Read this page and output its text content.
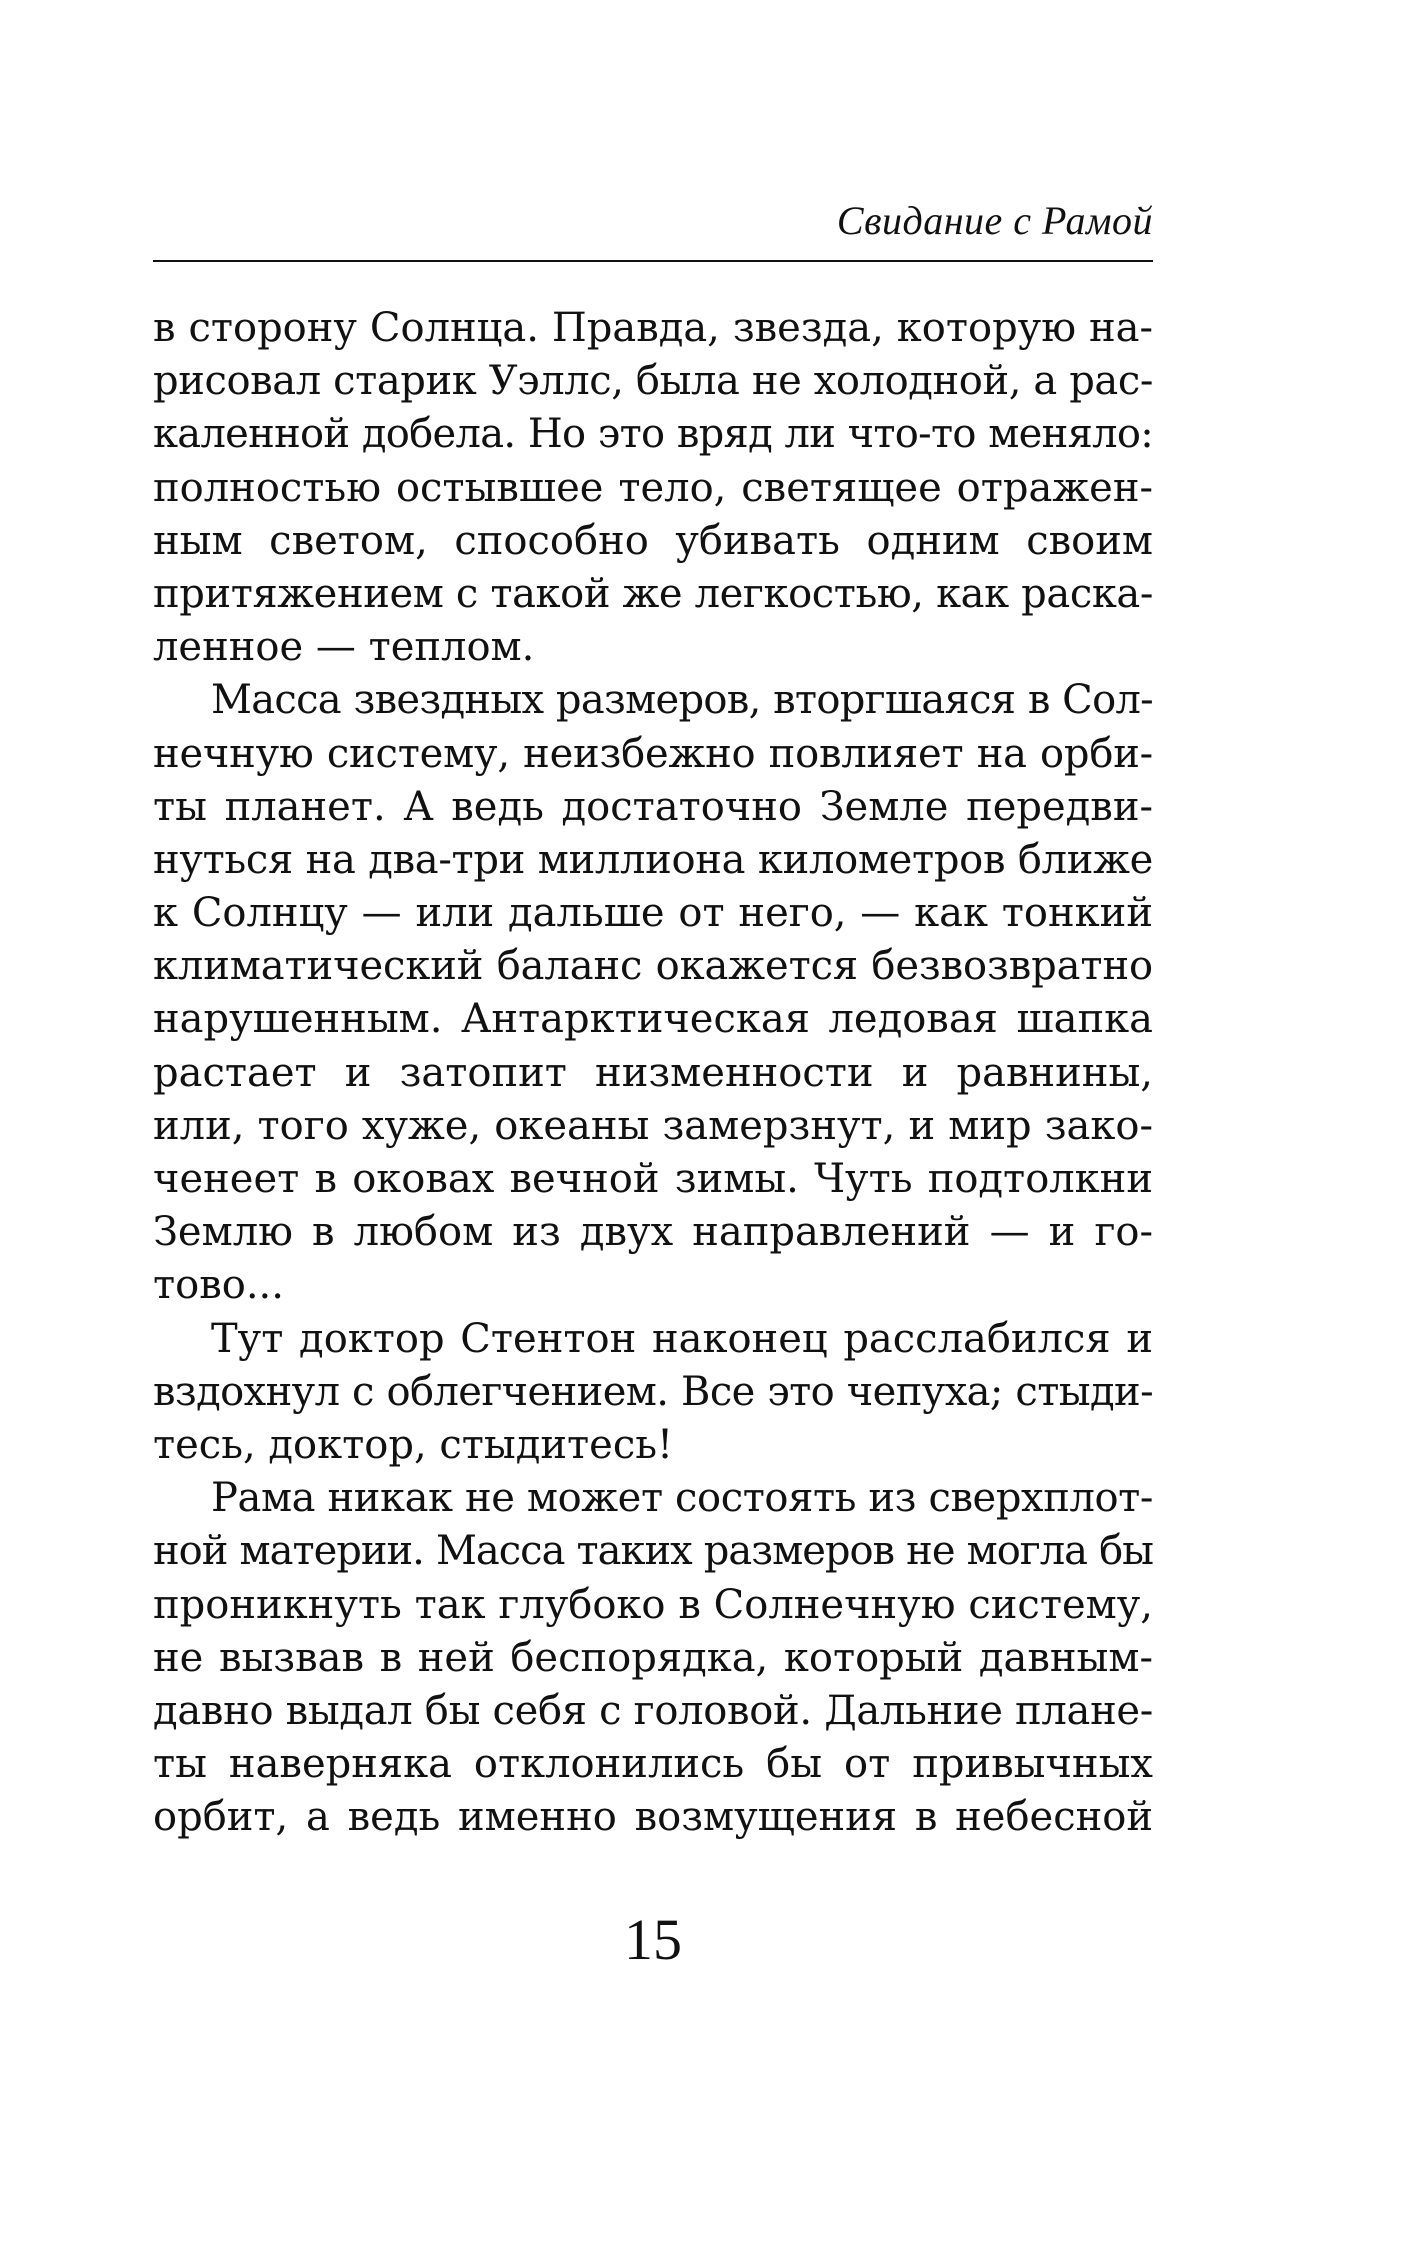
Свидание с Рамой
в сторону Солнца. Правда, звезда, которую на-
рисовал старик Уэллс, была не холодной, а рас-
каленной добела. Но это вряд ли что-то меняло:
полностью остывшее тело, светящее отражен-
ным светом, способно убивать одним своим
притяжением с такой же легкостью, как раска-
ленное — теплом.
Масса звездных размеров, вторгшаяся в Сол-
нечную систему, неизбежно повлияет на орби-
ты планет. А ведь достаточно Земле передви-
нуться на два-три миллиона километров ближе
к Солнцу — или дальше от него, — как тонкий
климатический баланс окажется безвозвратно
нарушенным. Антарктическая ледовая шапка
растает и затопит низменности и равнины,
или, того хуже, океаны замерзнут, и мир зако-
ченеет в оковах вечной зимы. Чуть подтолкни
Землю в любом из двух направлений — и го-
тово...
Тут доктор Стентон наконец расслабился и
вздохнул с облегчением. Все это чепуха; стыди-
тесь, доктор, стыдитесь!
Рама никак не может состоять из сверхплот-
ной материи. Масса таких размеров не могла бы
проникнуть так глубоко в Солнечную систему,
не вызвав в ней беспорядка, который давным-
давно выдал бы себя с головой. Дальние плане-
ты наверняка отклонились бы от привычных
орбит, а ведь именно возмущения в небесной
15
